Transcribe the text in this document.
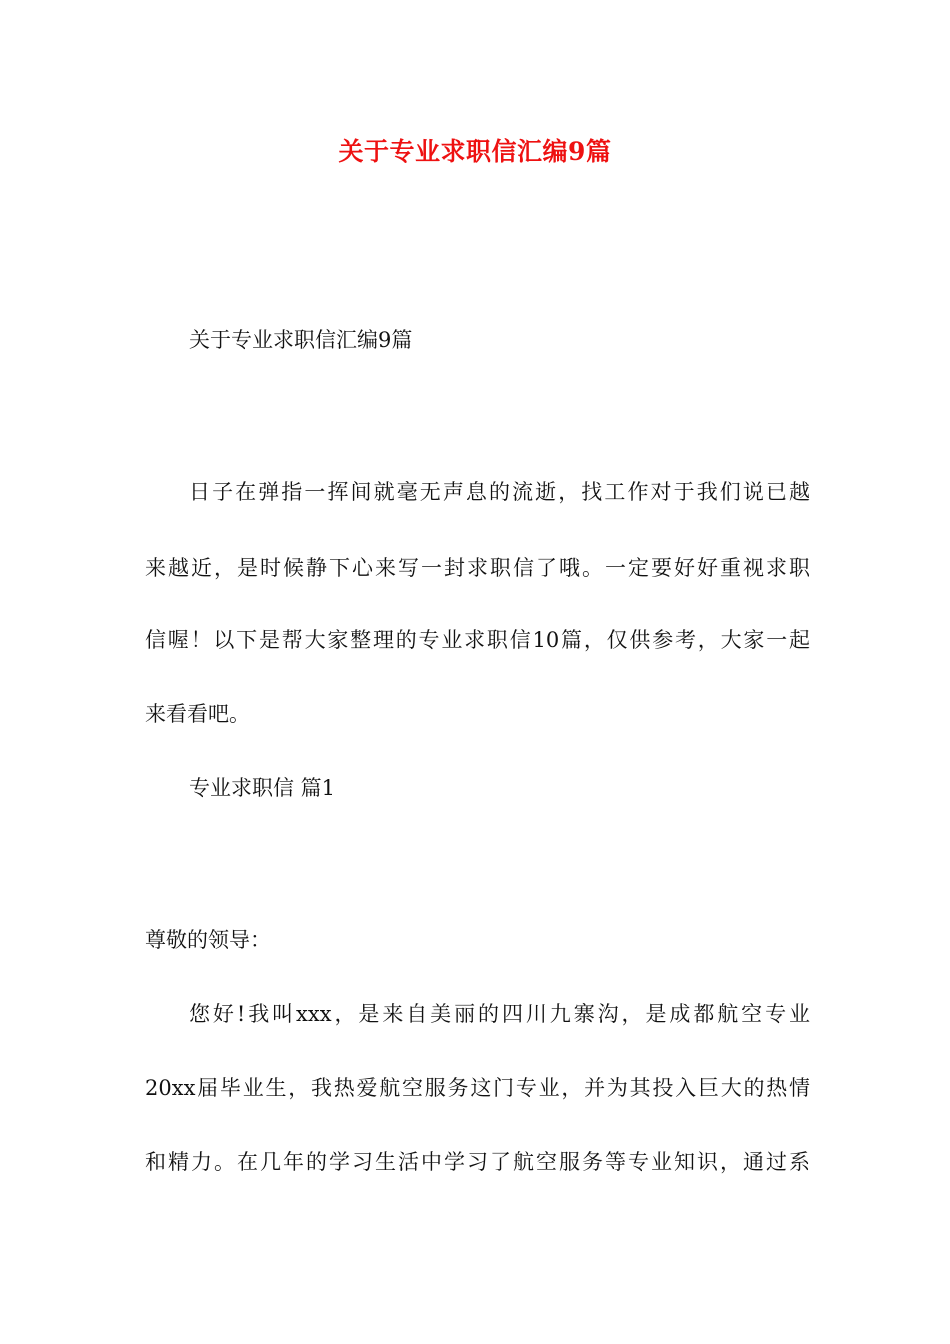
关于专业求职信汇编9篇

关于专业求职信汇编9篇

日子在弹指一挥间就毫无声息的流逝，找工作对于我们说已越

来越近，是时候静下心来写一封求职信了哦。一定要好好重视求职

信喔！以下是帮大家整理的专业求职信10篇，仅供参考，大家一起

来看看吧。

专业求职信 篇1

尊敬的领导：

您好!我叫xxx，是来自美丽的四川九寨沟，是成都航空专业

20xx届毕业生，我热爱航空服务这门专业，并为其投入巨大的热情

和精力。在几年的学习生活中学习了航空服务等专业知识，通过系
